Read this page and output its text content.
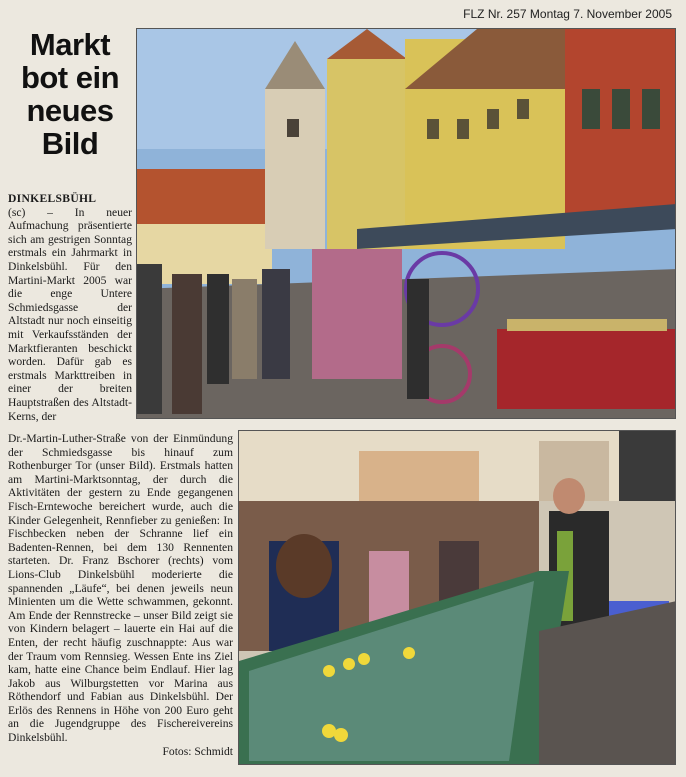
FLZ Nr. 257 Montag 7. November 2005
Markt
bot ein
neues
Bild
DINKELSBÜHL
(sc) – In neuer Aufmachung präsentierte sich am gestrigen Sonntag erstmals ein Jahrmarkt in Dinkelsbühl. Für den Martini-Markt 2005 war die enge Untere Schmiedsgasse der Altstadt nur noch einseitig mit Verkaufsständen der Marktfieranten beschickt worden. Dafür gab es erstmals Markttreiben in einer der breiten Hauptstraßen des Altstadt-Kerns, der
Dr.-Martin-Luther-Straße von der Einmündung der Schmiedsgasse bis hinauf zum Rothenburger Tor (unser Bild). Erstmals hatten am Martini-Marktsonntag, der durch die Aktivitäten der gestern zu Ende gegangenen Fisch-Erntewoche bereichert wurde, auch die Kinder Gelegenheit, Rennfieber zu genießen: In Fischbecken neben der Schranne lief ein Badenten-Rennen, bei dem 130 Rennenten starteten. Dr. Franz Bschorer (rechts) vom Lions-Club Dinkelsbühl moderierte die spannenden „Läufe“, bei denen jeweils neun Minienten um die Wette schwammen, gekonnt. Am Ende der Rennstrecke – unser Bild zeigt sie von Kindern belagert – lauerte ein Hai auf die Enten, der recht häufig zuschnappte: Aus war der Traum vom Rennsieg. Wessen Ente ins Ziel kam, hatte eine Chance beim Endlauf. Hier lag Jakob aus Wilburgstetten vor Marina aus Röthendorf und Fabian aus Dinkelsbühl. Der Erlös des Rennens in Höhe von 200 Euro geht an die Jugendgruppe des Fischereivereins Dinkelsbühl.
Fotos: Schmidt
